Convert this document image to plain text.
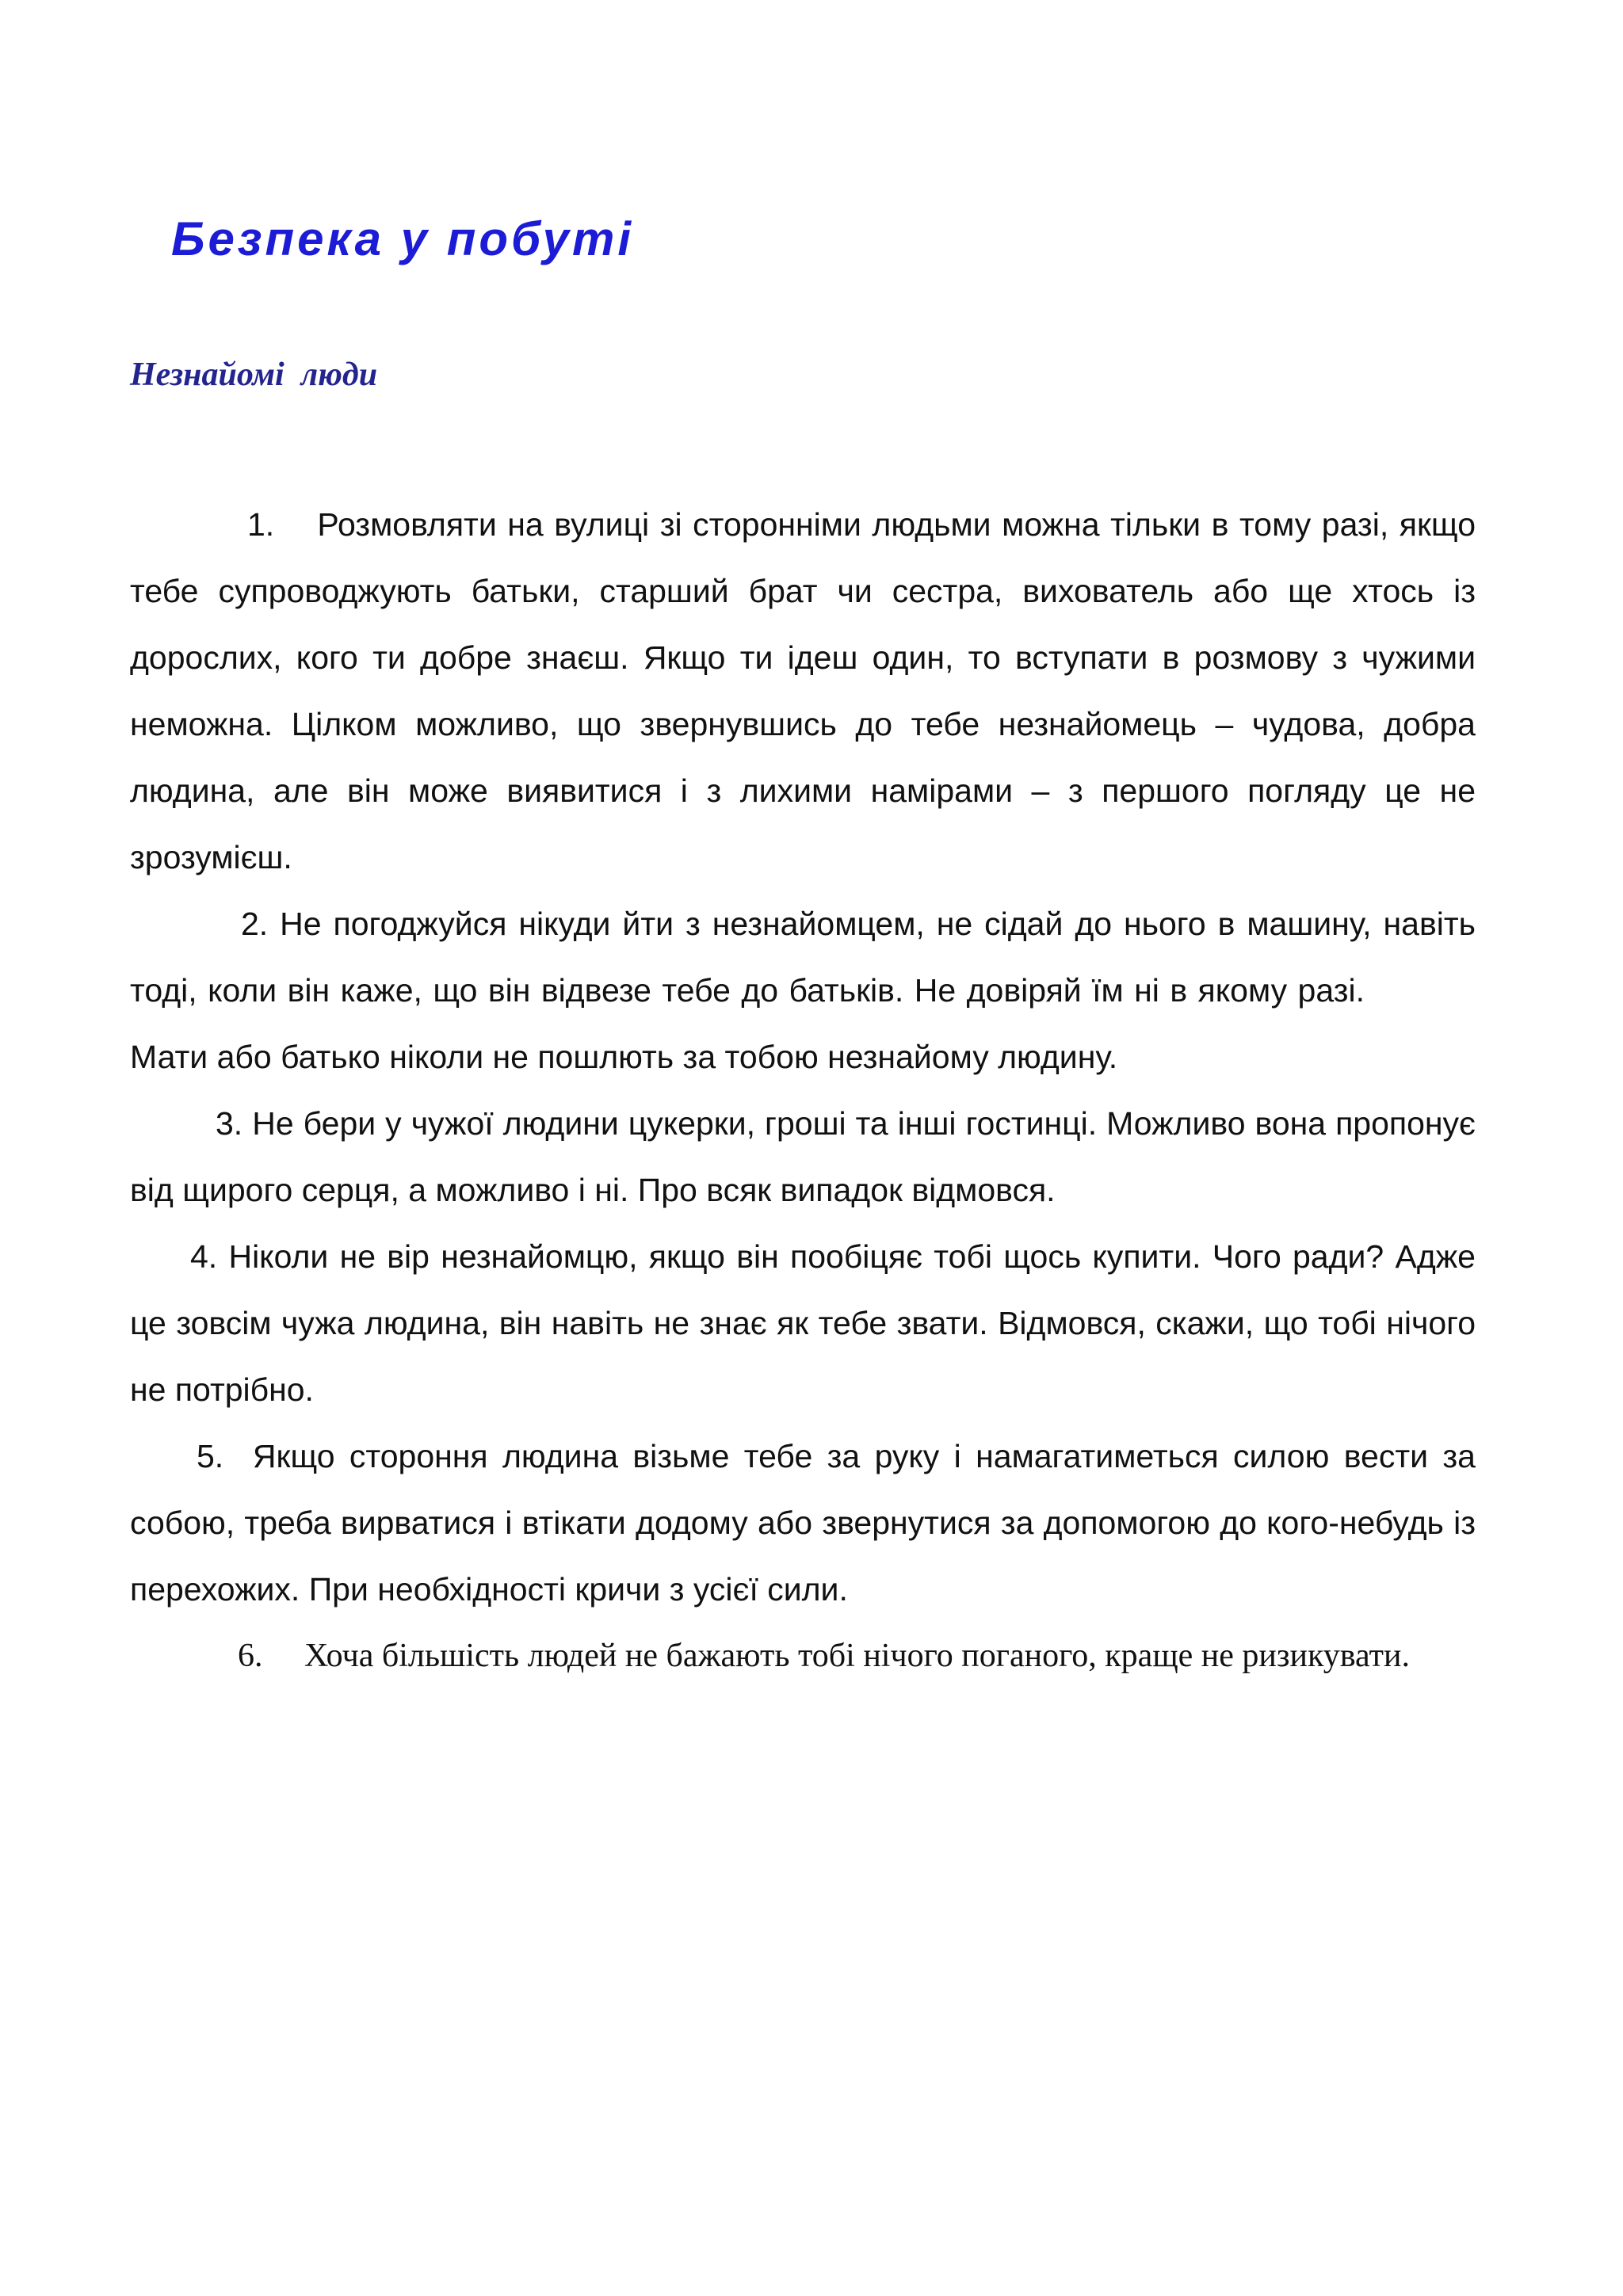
Безпека у побуті
Незнайомі  люди

1. Розмовляти на вулиці зі сторонніми людьми можна тільки в тому разі, якщо тебе супроводжують батьки, старший брат чи сестра, вихователь або ще хтось із дорослих, кого ти добре знаєш. Якщо ти ідеш один, то вступати в розмову з чужими неможна. Цілком можливо, що звернувшись до тебе незнайомець – чудова, добра людина, але він може виявитися і з лихими намірами – з першого погляду це не зрозумієш.

2. Не погоджуйся нікуди йти з незнайомцем, не сідай до нього в машину, навіть тоді, коли він каже, що він відвезе тебе до батьків. Не довіряй їм ні в якому разі.Мати або батько ніколи не пошлють за тобою незнайому людину.

3. Не бери у чужої людини цукерки, гроші та інші гостинці. Можливо вона пропонує від щирого серця, а можливо і ні. Про всяк випадок відмовся.

4. Ніколи не вір незнайомцю, якщо він пообіцяє тобі щось купити. Чого ради? Адже це зовсім чужа людина, він навіть не знає як тебе звати. Відмовся, скажи, що тобі нічого не потрібно.

5. Якщо стороння людина візьме тебе за руку і намагатиметься силою вести за собою, треба вирватися і втікати додому або звернутися за допомогою до кого-небудь із перехожих. При необхідності кричи з усієї сили.

6. Хоча більшість людей не бажають тобі нічого поганого, краще не ризикувати.
